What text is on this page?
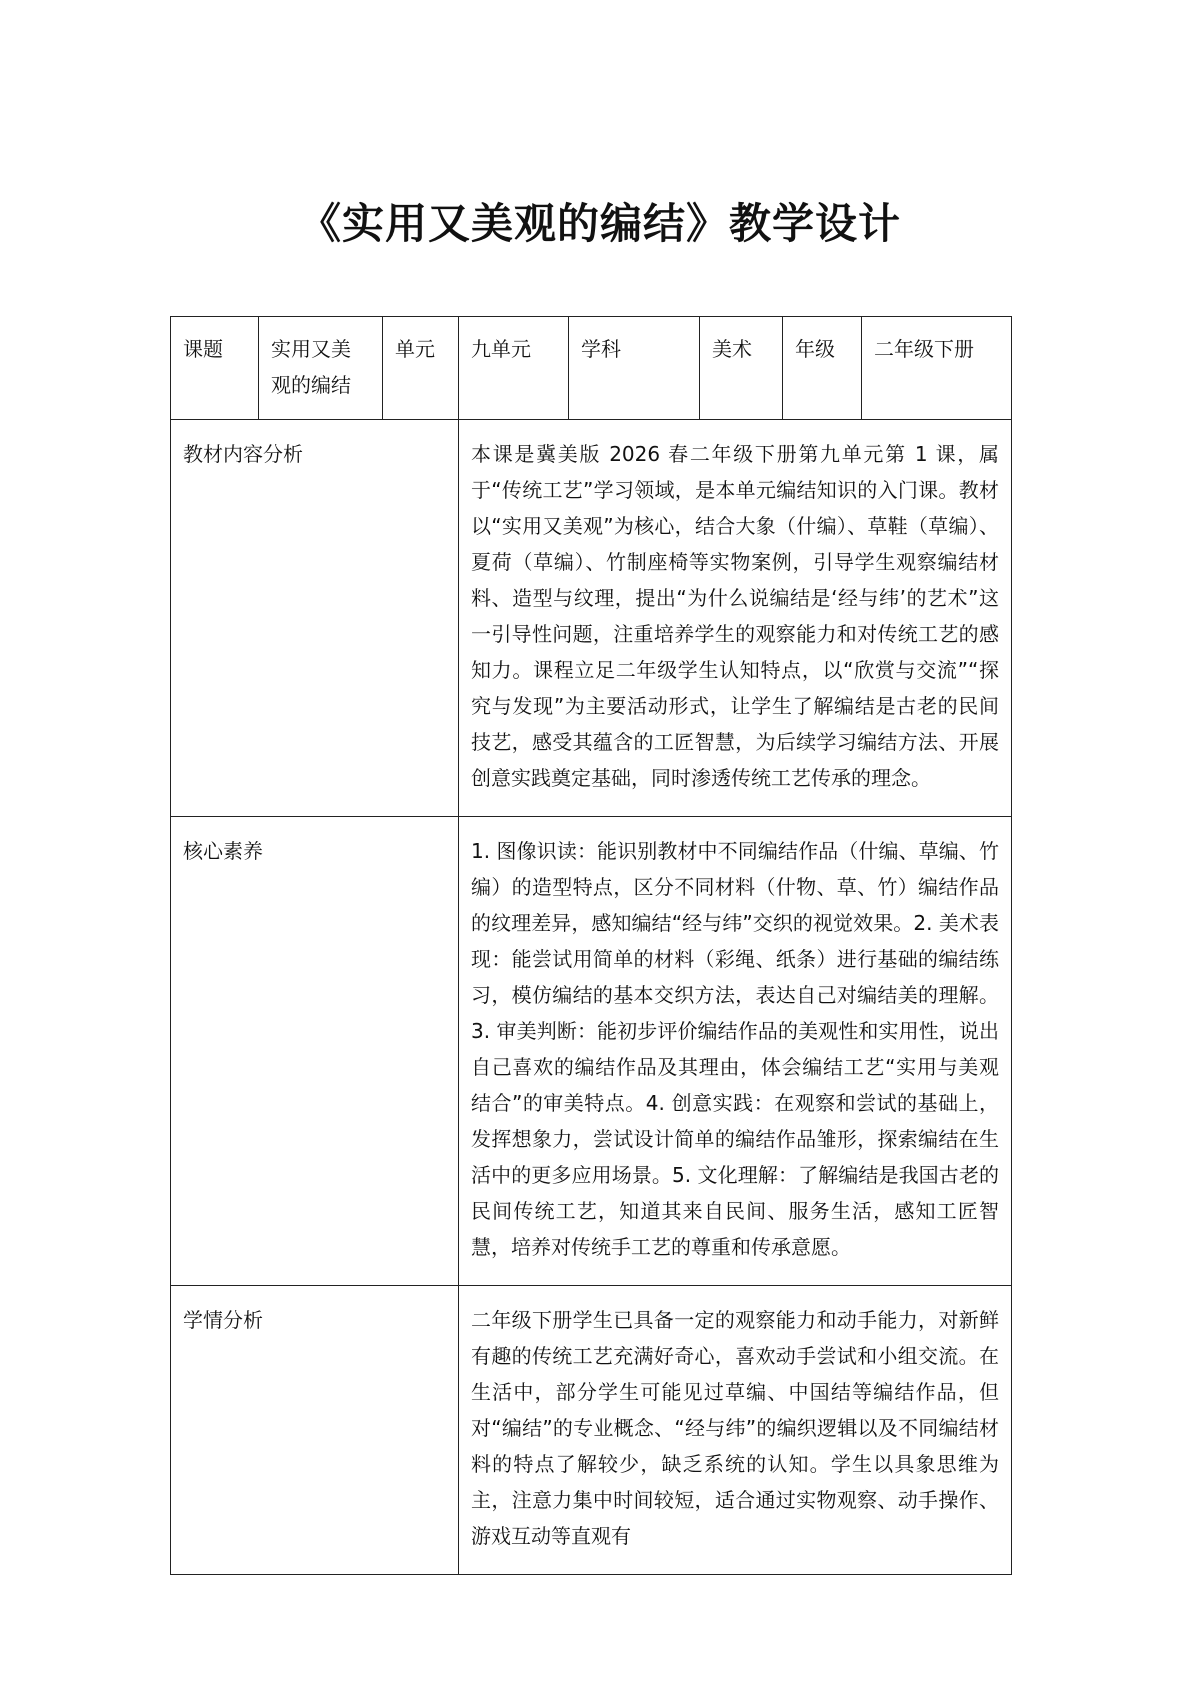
《实用又美观的编结》教学设计
课题	实用又美观的编结	单元	九单元	学科	美术	年级	二年级下册

教材内容分析			本课是冀美版 2026 春二年级下册第九单元第 1 课，属于“传统工艺”学习领域，是本单元编结知识的入门课。教材以“实用又美观”为核心，结合大象（什编）、草鞋（草编）、夏荷（草编）、竹制座椅等实物案例，引导学生观察编结材料、造型与纹理，提出“为什么说编结是‘经与纬’的艺术”这一引导性问题，注重培养学生的观察能力和对传统工艺的感知力。课程立足二年级学生认知特点，以“欣赏与交流”“探究与发现”为主要活动形式，让学生了解编结是古老的民间技艺，感受其蕴含的工匠智慧，为后续学习编结方法、开展创意实践奠定基础，同时渗透传统工艺传承的理念。				

核心素养			1. 图像识读：能识别教材中不同编结作品（什编、草编、竹编）的造型特点，区分不同材料（什物、草、竹）编结作品的纹理差异，感知编结“经与纬”交织的视觉效果。2. 美术表现：能尝试用简单的材料（彩绳、纸条）进行基础的编结练习，模仿编结的基本交织方法，表达自己对编结美的理解。3. 审美判断：能初步评价编结作品的美观性和实用性，说出自己喜欢的编结作品及其理由，体会编结工艺“实用与美观结合”的审美特点。4. 创意实践：在观察和尝试的基础上，发挥想象力，尝试设计简单的编结作品雏形，探索编结在生活中的更多应用场景。5. 文化理解：了解编结是我国古老的民间传统工艺，知道其来自民间、服务生活，感知工匠智慧，培养对传统手工艺的尊重和传承意愿。				

学情分析			二年级下册学生已具备一定的观察能力和动手能力，对新鲜有趣的传统工艺充满好奇心，喜欢动手尝试和小组交流。在生活中，部分学生可能见过草编、中国结等编结作品，但对“编结”的专业概念、“经与纬”的编织逻辑以及不同编结材料的特点了解较少，缺乏系统的认知。学生以具象思维为主，注意力集中时间较短，适合通过实物观察、动手操作、游戏互动等直观有				
